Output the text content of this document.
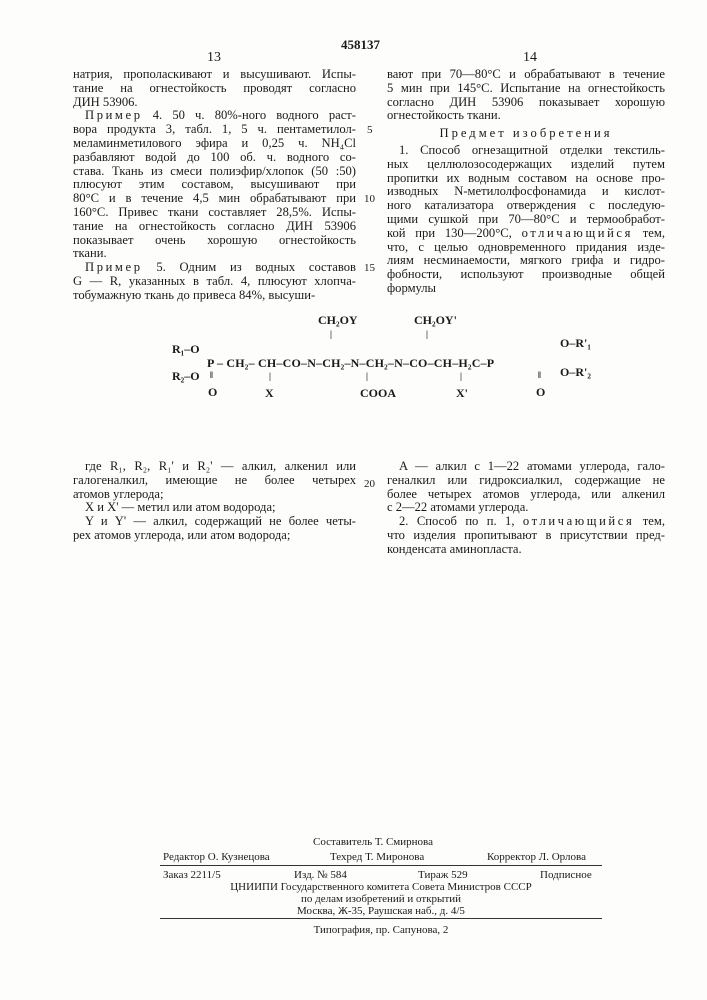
458137
13	14
натрия, прополаскивают и высушивают. Испы-
тание на огнестойкость проводят согласно
ДИН 53906.
Пример 4. 50 ч. 80%-ного водного раст-
вора продукта 3, табл. 1, 5 ч. пентаметилол-
меламинметилового эфира и 0,25 ч. NH₄Cl
разбавляют водой до 100 об. ч. водного со-
става. Ткань из смеси полиэфир/хлопок (50 :50)
плюсуют этим составом, высушивают при
80°C и в течение 4,5 мин обрабатывают при
160°C. Привес ткани составляет 28,5%. Испы-
тание на огнестойкость согласно ДИН 53906
показывает очень хорошую огнестойкость
ткани.
Пример 5. Одним из водных составов
G — R, указанных в табл. 4, плюсуют хлопча-
тобумажную ткань до привеса 84%, высуши-
вают при 70—80°C и обрабатывают в течение
5 мин при 145°C. Испытание на огнестойкость
согласно ДИН 53906 показывает хорошую
огнестойкость ткани.
Предмет изобретения
1. Способ огнезащитной отделки текстиль-
ных целлюлозосодержащих изделий путем
пропитки их водным составом на основе про-
изводных N-метилолфосфонамида и кислот-
ного катализатора отверждения с последую-
щими сушкой при 70—80°C и термообработ-
кой при 130—200°C, отличающийся тем,
что, с целью одновременного придания изде-
лиям несминаемости, мягкого грифа и гидро-
фобности, используют производные общей
формулы
5
10
15
20
R₁–O
R₂–O
P
‖
O
– CH₂– CH–CO–N–CH₂–N–CH₂–N–CO–CH–H₂C–P
CH₂OY
|
CH₂OY'
|
|
X
|
COOA
|
X'
‖
O
O–R'₁
O–R'₂
где R₁, R₂, R₁' и R₂' — алкил, алкенил или
галогеналкил, имеющие не более четырех
атомов углерода;
X и X' — метил или атом водорода;
Y и Y' — алкил, содержащий не более четы-
рех атомов углерода, или атом водорода;
A — алкил с 1—22 атомами углерода, гало-
геналкил или гидроксиалкил, содержащие не
более четырех атомов углерода, или алкенил
с 2—22 атомами углерода.
2. Способ по п. 1, отличающийся тем,
что изделия пропитывают в присутствии пред-
конденсата аминопласта.
Составитель Т. Смирнова
Редактор О. Кузнецова	Техред Т. Миронова	Корректор Л. Орлова
Заказ 2211/5	Изд. № 584	Тираж 529	Подписное
ЦНИИПИ Государственного комитета Совета Министров СССР
по делам изобретений и открытий
Москва, Ж-35, Раушская наб., д. 4/5
Типография, пр. Сапунова, 2
